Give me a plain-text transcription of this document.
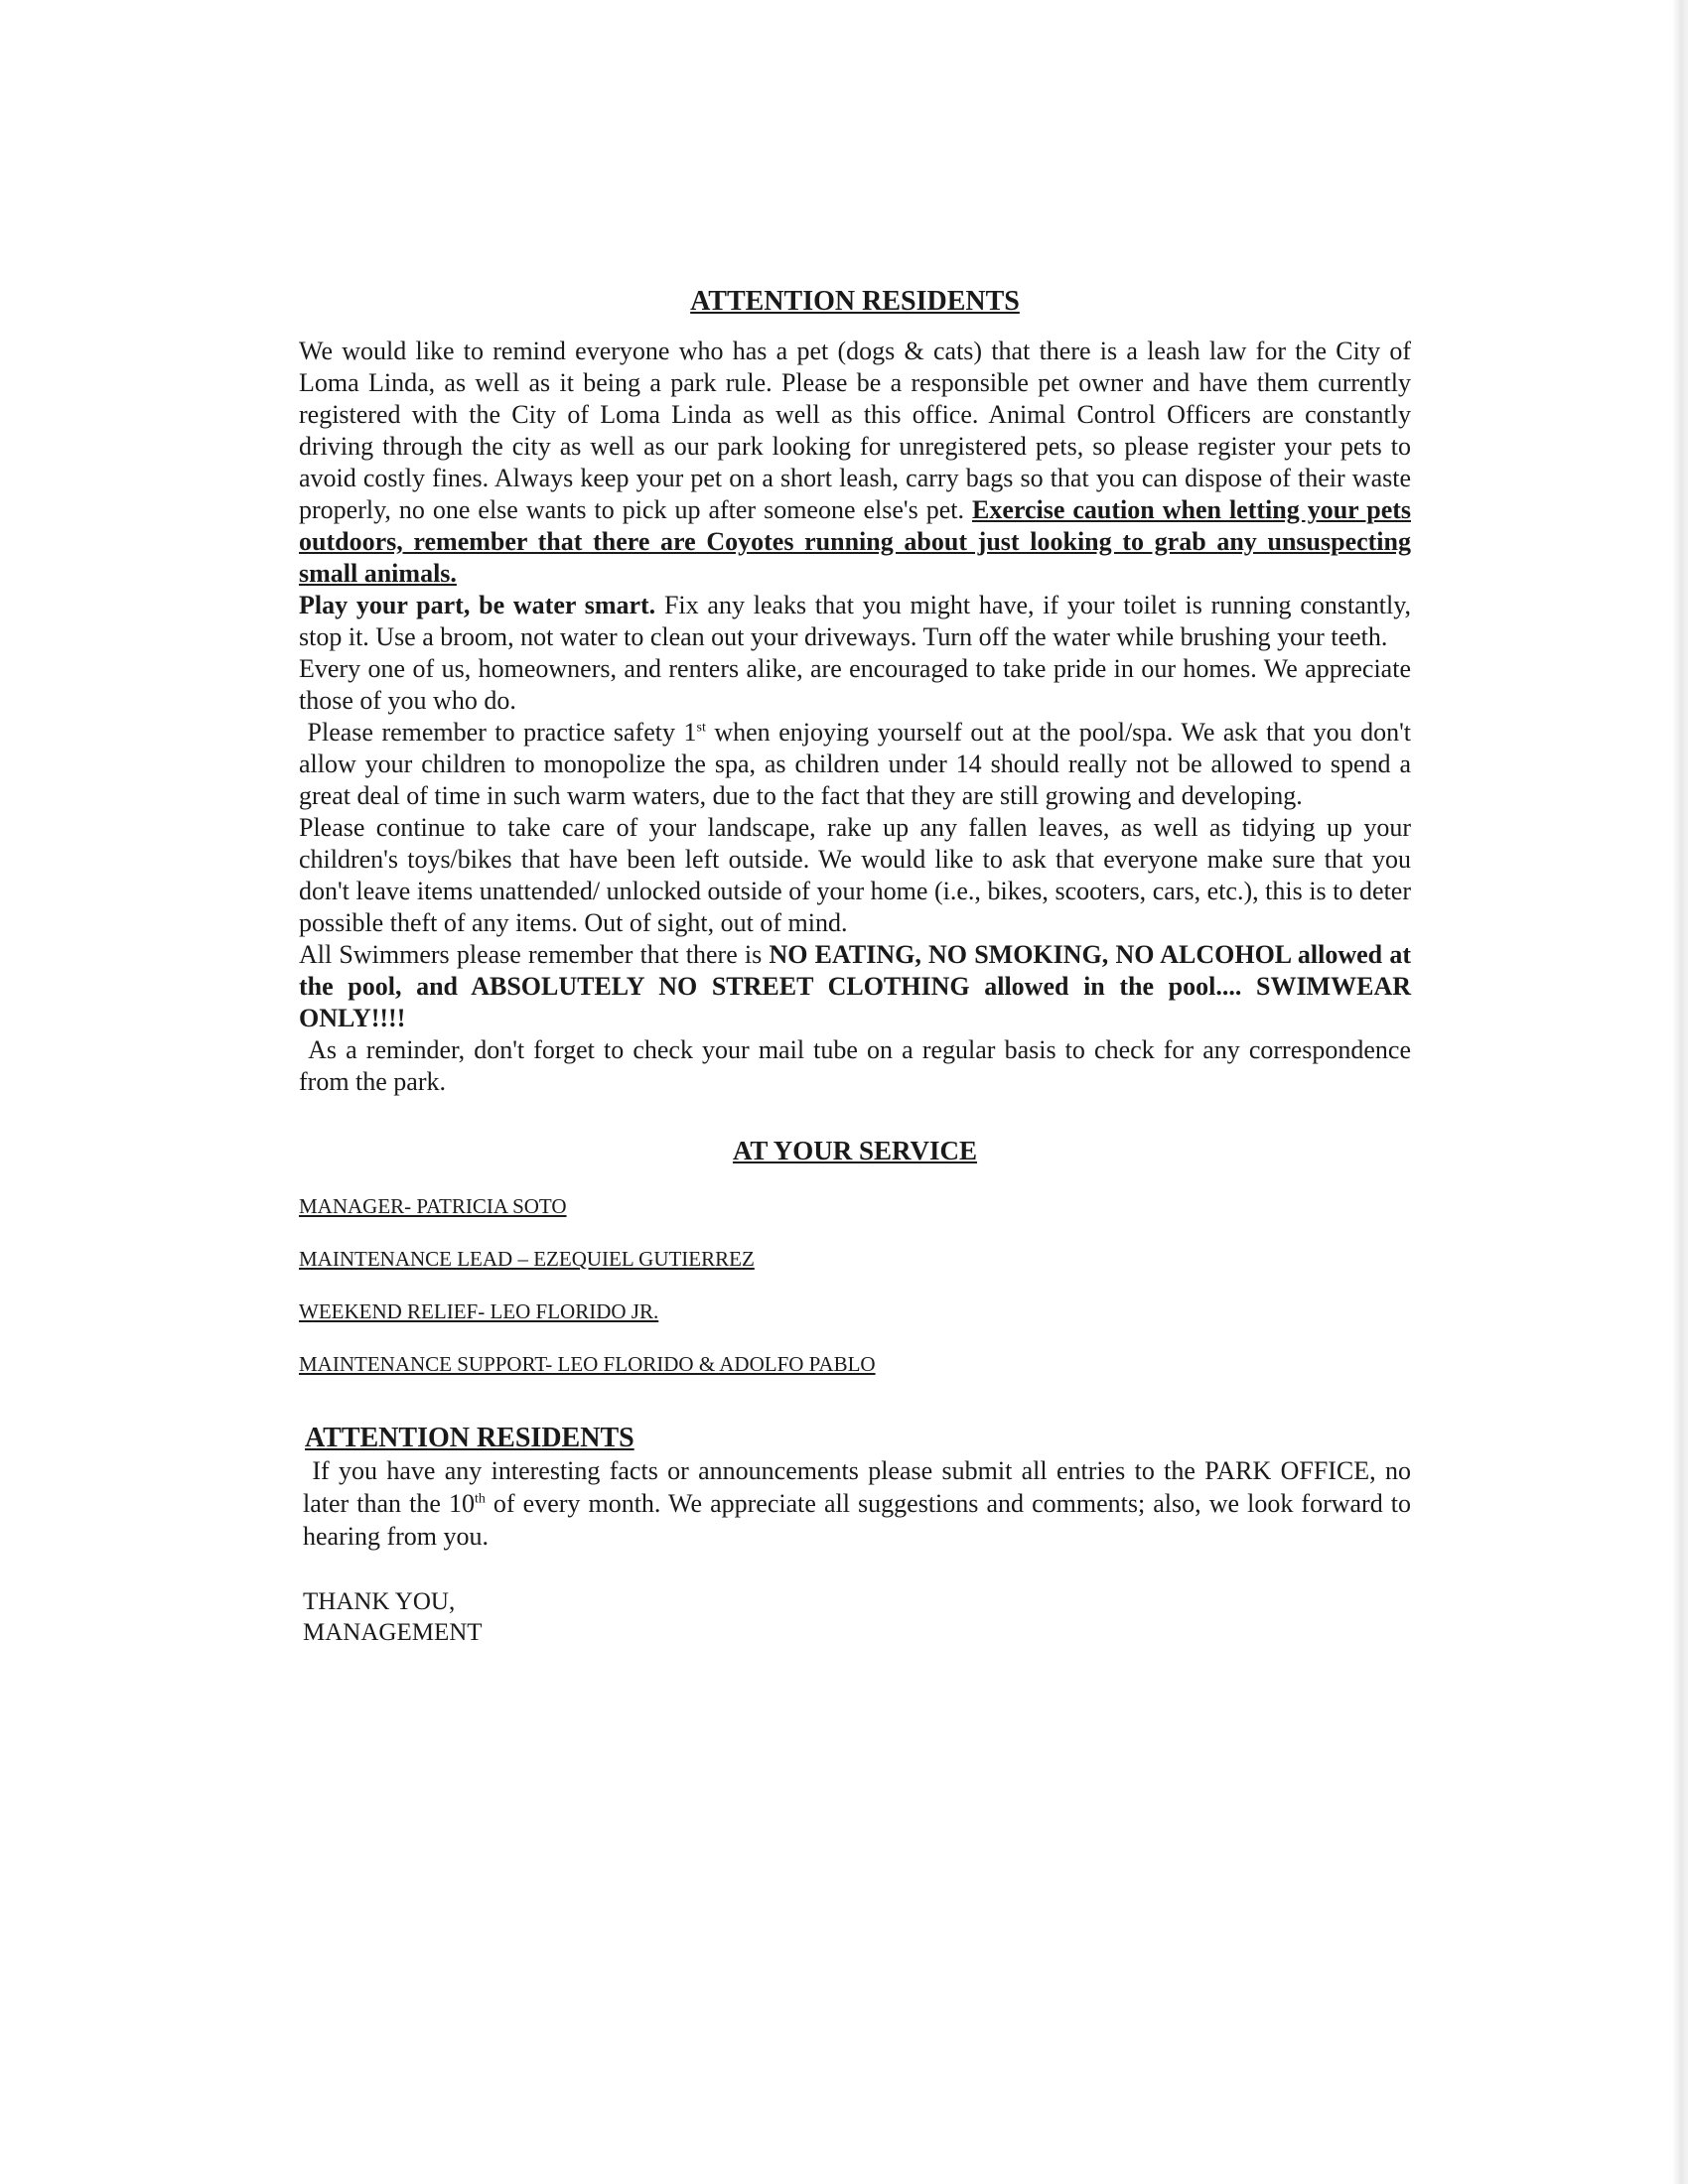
ATTENTION RESIDENTS

We would like to remind everyone who has a pet (dogs & cats) that there is a leash law for the City of Loma Linda, as well as it being a park rule. Please be a responsible pet owner and have them currently registered with the City of Loma Linda as well as this office. Animal Control Officers are constantly driving through the city as well as our park looking for unregistered pets, so please register your pets to avoid costly fines. Always keep your pet on a short leash, carry bags so that you can dispose of their waste properly, no one else wants to pick up after someone else's pet. Exercise caution when letting your pets outdoors, remember that there are Coyotes running about just looking to grab any unsuspecting small animals.

Play your part, be water smart. Fix any leaks that you might have, if your toilet is running constantly, stop it. Use a broom, not water to clean out your driveways. Turn off the water while brushing your teeth.

Every one of us, homeowners, and renters alike, are encouraged to take pride in our homes. We appreciate those of you who do.

Please remember to practice safety 1st when enjoying yourself out at the pool/spa. We ask that you don't allow your children to monopolize the spa, as children under 14 should really not be allowed to spend a great deal of time in such warm waters, due to the fact that they are still growing and developing.

Please continue to take care of your landscape, rake up any fallen leaves, as well as tidying up your children's toys/bikes that have been left outside. We would like to ask that everyone make sure that you don't leave items unattended/ unlocked outside of your home (i.e., bikes, scooters, cars, etc.), this is to deter possible theft of any items. Out of sight, out of mind.

All Swimmers please remember that there is NO EATING, NO SMOKING, NO ALCOHOL allowed at the pool, and ABSOLUTELY NO STREET CLOTHING allowed in the pool.... SWIMWEAR ONLY!!!!

As a reminder, don't forget to check your mail tube on a regular basis to check for any correspondence from the park.

AT YOUR SERVICE
MANAGER- PATRICIA SOTO
MAINTENANCE LEAD – EZEQUIEL GUTIERREZ
WEEKEND RELIEF- LEO FLORIDO JR.
MAINTENANCE SUPPORT- LEO FLORIDO & ADOLFO PABLO
ATTENTION RESIDENTS

If you have any interesting facts or announcements please submit all entries to the PARK OFFICE, no later than the 10th of every month. We appreciate all suggestions and comments; also, we look forward to hearing from you.

THANK YOU,
MANAGEMENT
